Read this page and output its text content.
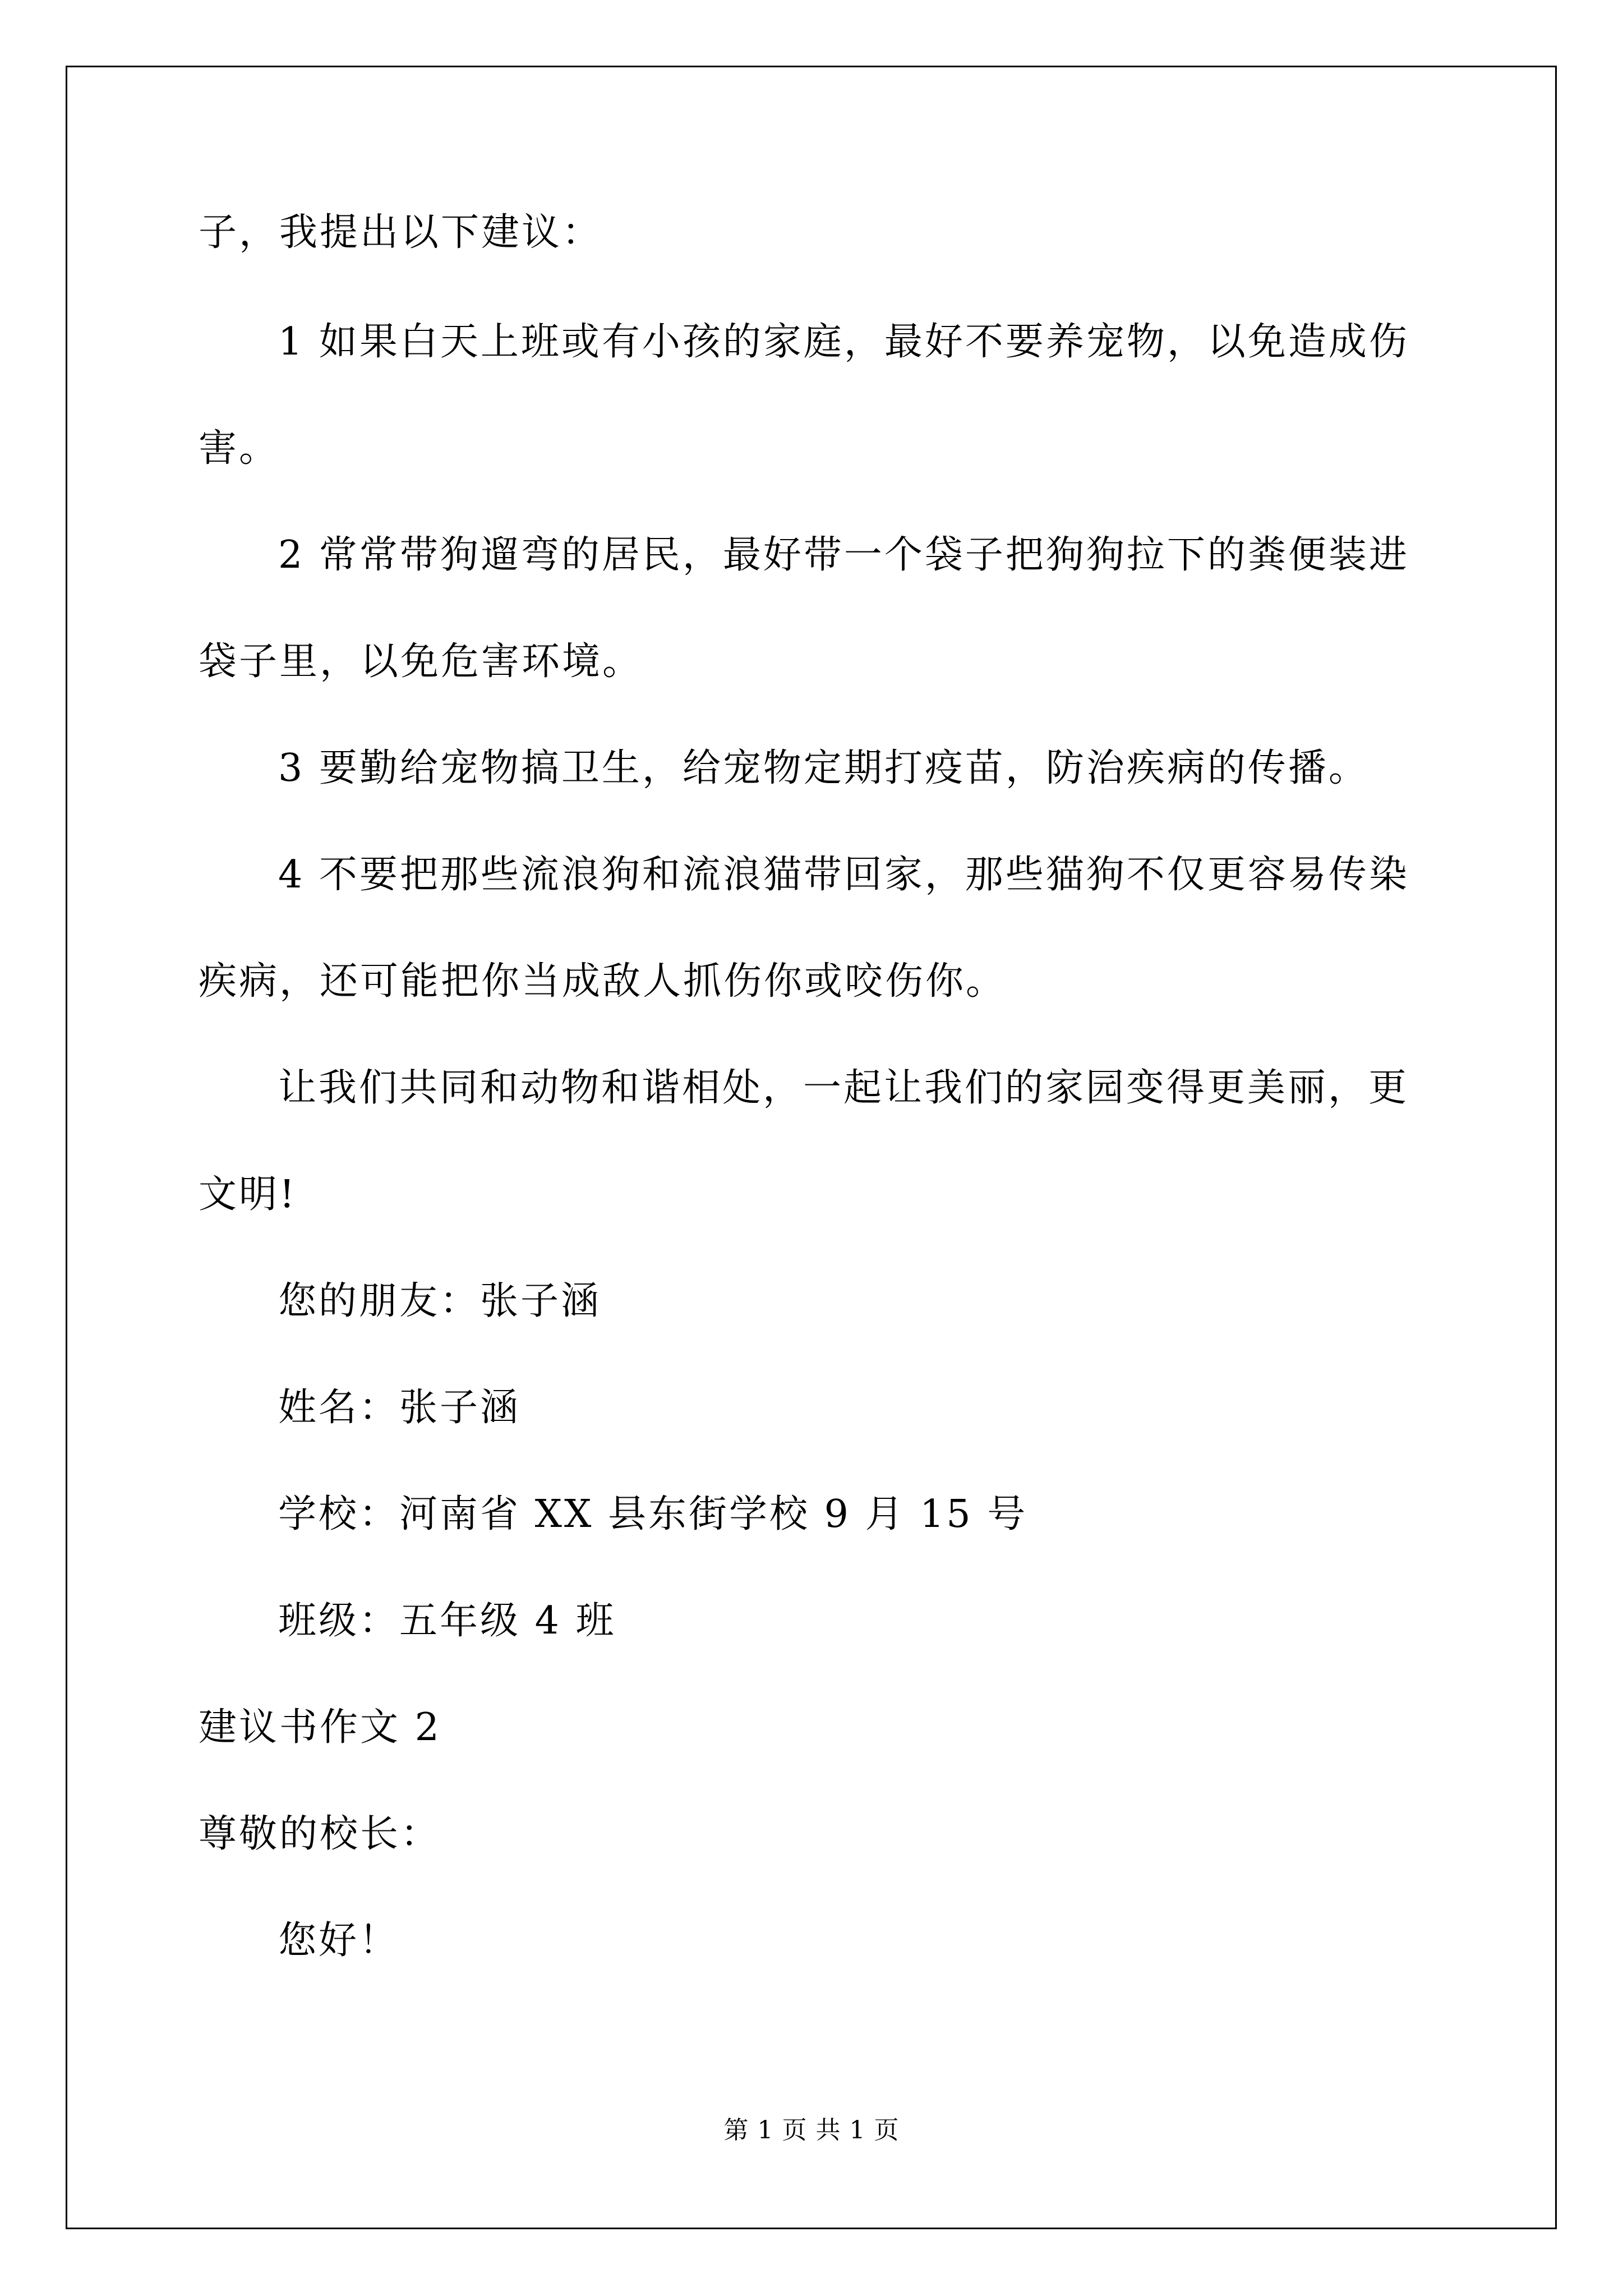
子，我提出以下建议：
1 如果白天上班或有小孩的家庭，最好不要养宠物，以免造成伤
害。
2 常常带狗遛弯的居民，最好带一个袋子把狗狗拉下的粪便装进
袋子里，以免危害环境。
3 要勤给宠物搞卫生，给宠物定期打疫苗，防治疾病的传播。
4 不要把那些流浪狗和流浪猫带回家，那些猫狗不仅更容易传染
疾病，还可能把你当成敌人抓伤你或咬伤你。
让我们共同和动物和谐相处，一起让我们的家园变得更美丽，更
文明!
您的朋友：张子涵
姓名：张子涵
学校：河南省 XX 县东街学校 9 月 15 号
班级：五年级 4 班
建议书作文 2
尊敬的校长：
您好！
第 1 页 共 1 页
